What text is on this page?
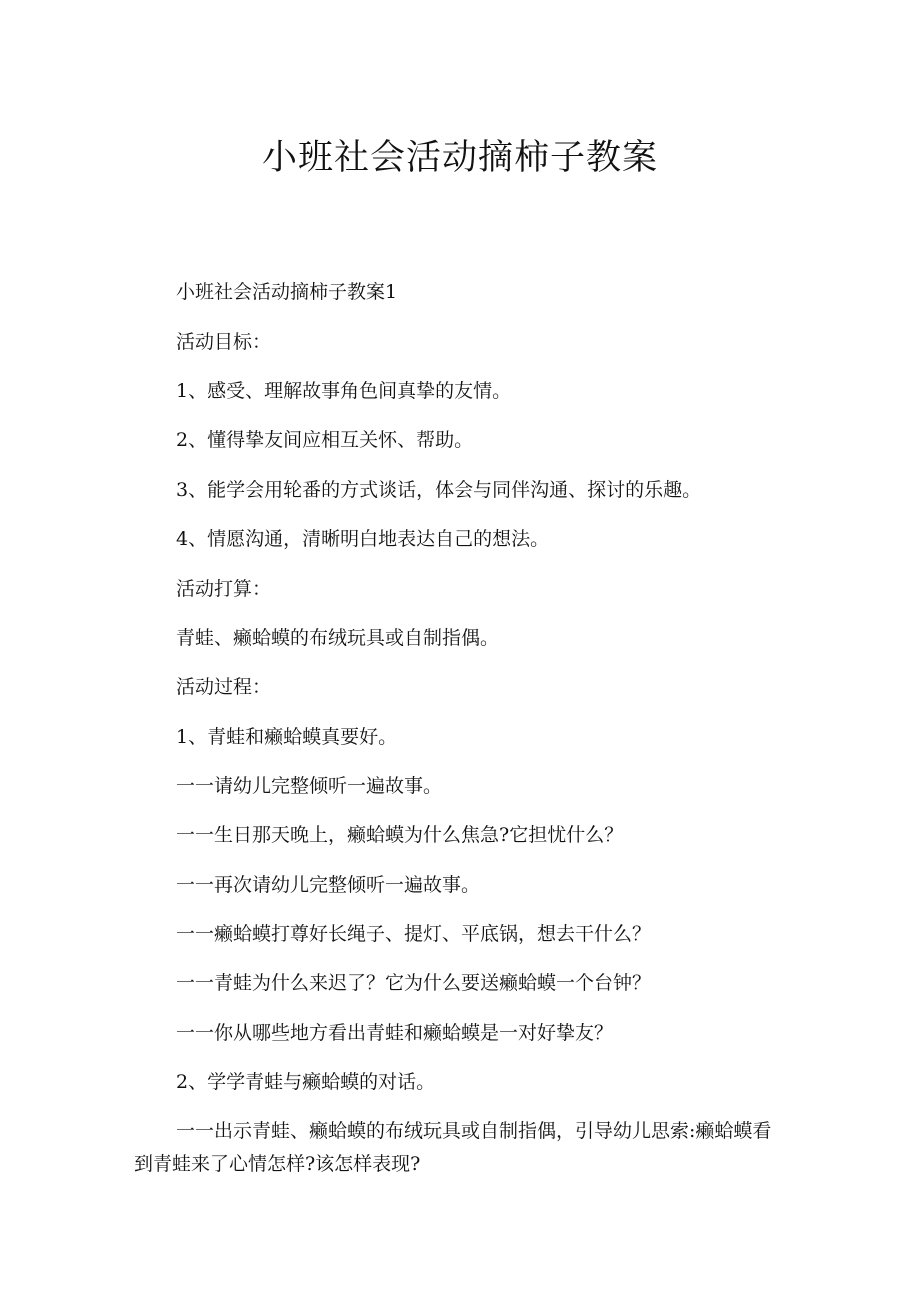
小班社会活动摘柿子教案

小班社会活动摘柿子教案1

活动目标：

1、感受、理解故事角色间真挚的友情。

2、懂得挚友间应相互关怀、帮助。

3、能学会用轮番的方式谈话，体会与同伴沟通、探讨的乐趣。

4、情愿沟通，清晰明白地表达自己的想法。

活动打算：

青蛙、癞蛤蟆的布绒玩具或自制指偶。

活动过程：

1、青蛙和癞蛤蟆真要好。

一一请幼儿完整倾听一遍故事。

一一生日那天晚上，癞蛤蟆为什么焦急?它担忧什么？

一一再次请幼儿完整倾听一遍故事。

一一癞蛤蟆打尊好长绳子、提灯、平底锅，想去干什么？

一一青蛙为什么来迟了？它为什么要送癞蛤蟆一个台钟？

一一你从哪些地方看出青蛙和癞蛤蟆是一对好挚友？

2、学学青蛙与癞蛤蟆的对话。

一一出示青蛙、癞蛤蟆的布绒玩具或自制指偶，引导幼儿思索:癞蛤蟆看到青蛙来了心情怎样?该怎样表现?
